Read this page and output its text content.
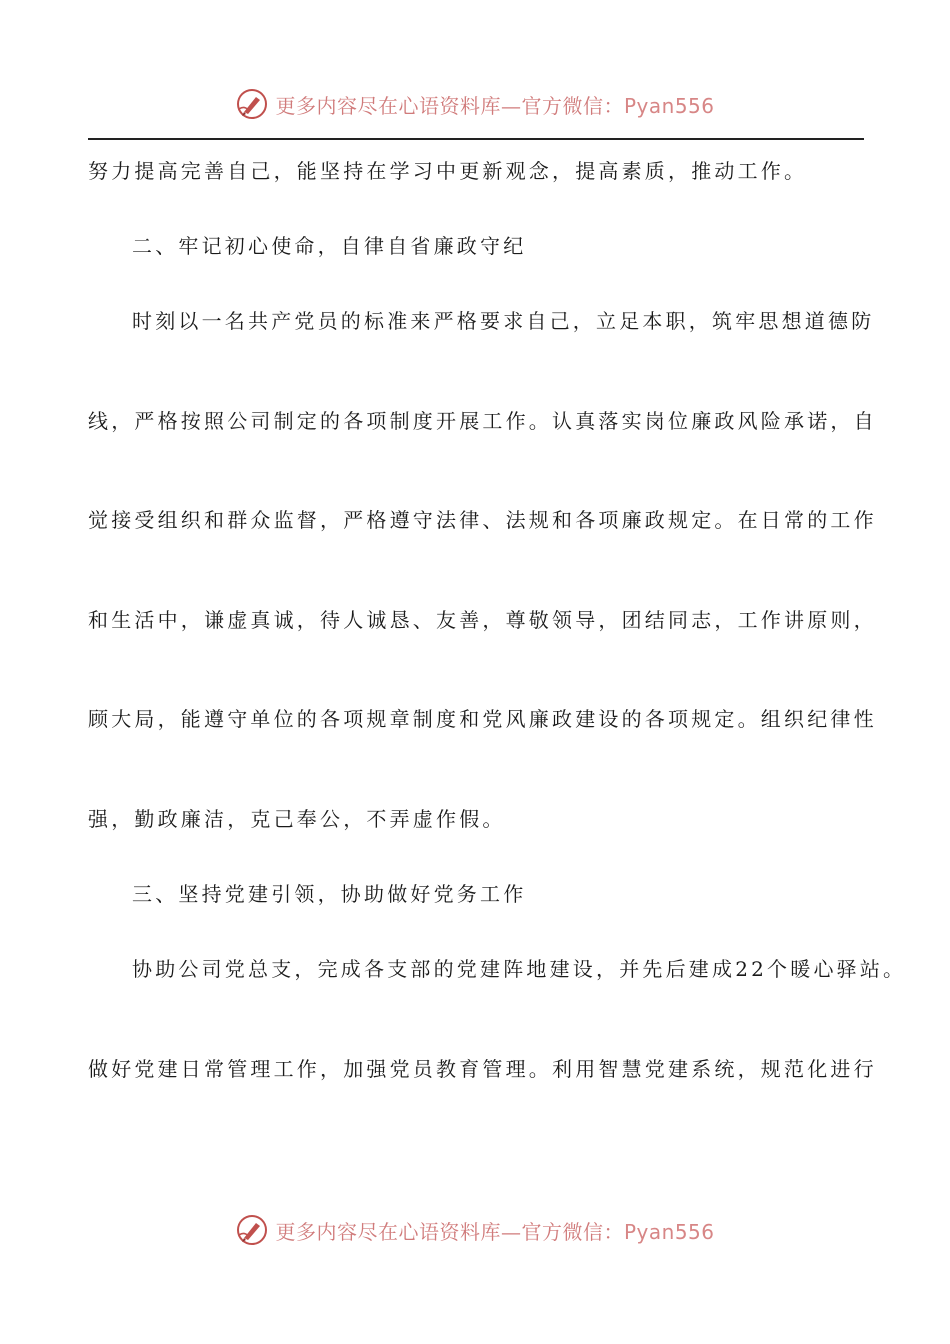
更多内容尽在心语资料库—官方微信：Pyan556
努力提高完善自己，能坚持在学习中更新观念，提高素质，推动工作。
二、牢记初心使命，自律自省廉政守纪
时刻以一名共产党员的标准来严格要求自己，立足本职，筑牢思想道德防
线，严格按照公司制定的各项制度开展工作。认真落实岗位廉政风险承诺，自
觉接受组织和群众监督，严格遵守法律、法规和各项廉政规定。在日常的工作
和生活中，谦虚真诚，待人诚恳、友善，尊敬领导，团结同志，工作讲原则，
顾大局，能遵守单位的各项规章制度和党风廉政建设的各项规定。组织纪律性
强，勤政廉洁，克己奉公，不弄虚作假。
三、坚持党建引领，协助做好党务工作
协助公司党总支，完成各支部的党建阵地建设，并先后建成22个暖心驿站。
做好党建日常管理工作，加强党员教育管理。利用智慧党建系统，规范化进行
更多内容尽在心语资料库—官方微信：Pyan556
